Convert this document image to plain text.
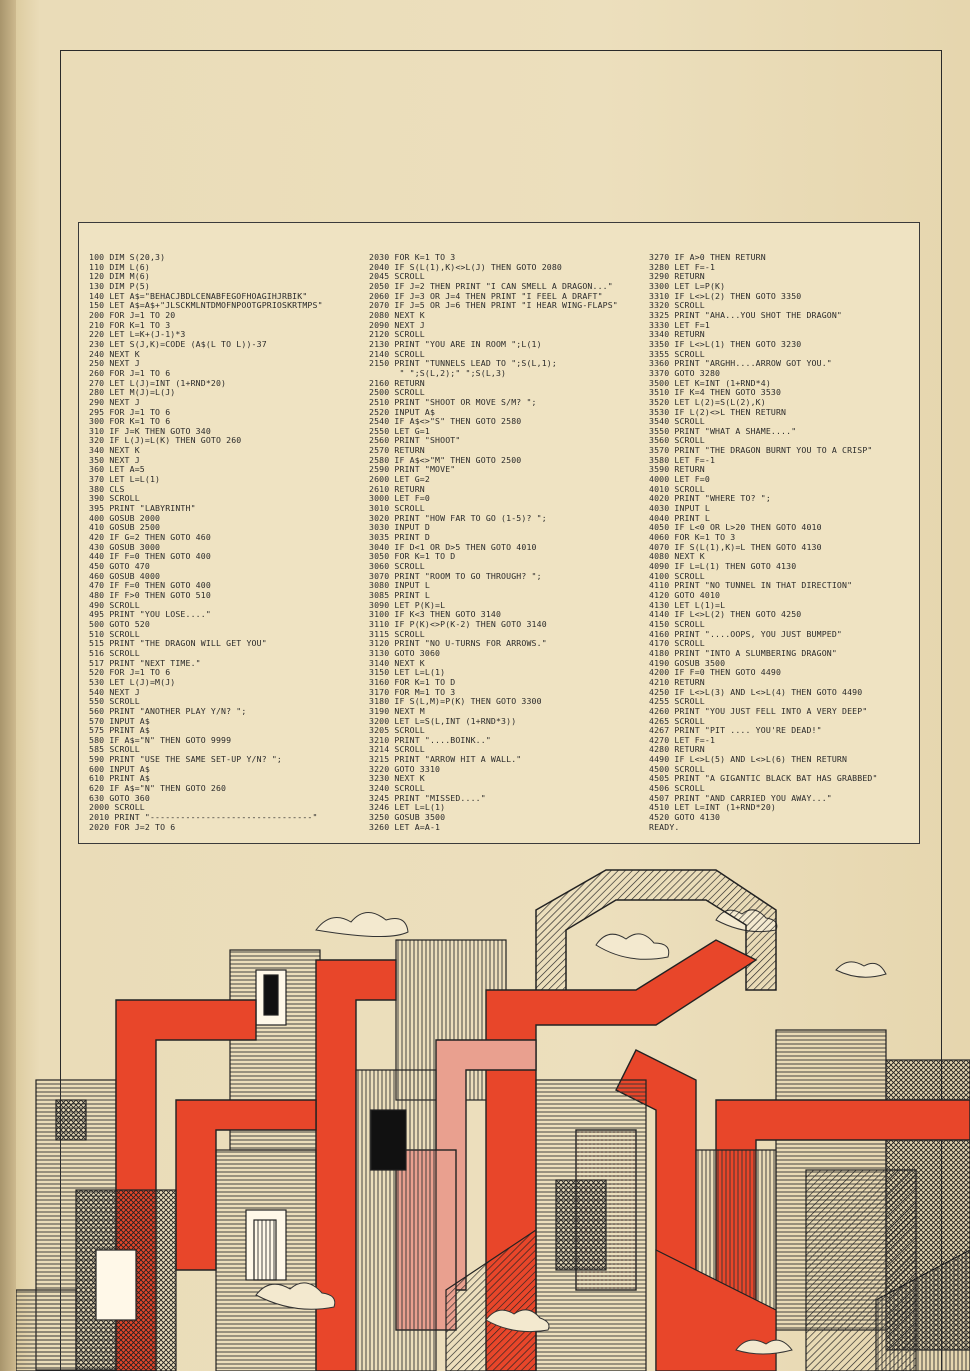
100 DIM S(20,3)
110 DIM L(6)
120 DIM M(6)
130 DIM P(5)
140 LET A$="BEHACJBDLCENABFEGOFHOAGIHJRBIK"
150 LET A$=A$+"JLSCKMLNTDMOFNPOOTGPRIOSKRTMPS"
200 FOR J=1 TO 20
210 FOR K=1 TO 3
220 LET L=K+(J-1)*3
230 LET S(J,K)=CODE (A$(L TO L))-37
240 NEXT K
250 NEXT J
260 FOR J=1 TO 6
270 LET L(J)=INT (1+RND*20)
280 LET M(J)=L(J)
290 NEXT J
295 FOR J=1 TO 6
300 FOR K=1 TO 6
310 IF J=K THEN GOTO 340
320 IF L(J)=L(K) THEN GOTO 260
340 NEXT K
350 NEXT J
360 LET A=5
370 LET L=L(1)
380 CLS
390 SCROLL
395 PRINT "LABYRINTH"
400 GOSUB 2000
410 GOSUB 2500
420 IF G=2 THEN GOTO 460
430 GOSUB 3000
440 IF F=0 THEN GOTO 400
450 GOTO 470
460 GOSUB 4000
470 IF F=0 THEN GOTO 400
480 IF F>0 THEN GOTO 510
490 SCROLL
495 PRINT "YOU LOSE...."
500 GOTO 520
510 SCROLL
515 PRINT "THE DRAGON WILL GET YOU"
516 SCROLL
517 PRINT "NEXT TIME."
520 FOR J=1 TO 6
530 LET L(J)=M(J)
540 NEXT J
550 SCROLL
560 PRINT "ANOTHER PLAY Y/N? ";
570 INPUT A$
575 PRINT A$
580 IF A$="N" THEN GOTO 9999
585 SCROLL
590 PRINT "USE THE SAME SET-UP Y/N? ";
600 INPUT A$
610 PRINT A$
620 IF A$="N" THEN GOTO 260
630 GOTO 360
2000 SCROLL
2010 PRINT "--------------------------------"
2020 FOR J=2 TO 6
2030 FOR K=1 TO 3
2040 IF S(L(1),K)<>L(J) THEN GOTO 2080
2045 SCROLL
2050 IF J=2 THEN PRINT "I CAN SMELL A DRAGON..."
2060 IF J=3 OR J=4 THEN PRINT "I FEEL A DRAFT"
2070 IF J=5 OR J=6 THEN PRINT "I HEAR WING-FLAPS"
2080 NEXT K
2090 NEXT J
2120 SCROLL
2130 PRINT "YOU ARE IN ROOM ";L(1)
2140 SCROLL
2150 PRINT "TUNNELS LEAD TO ";S(L,1);
" ";S(L,2);" ";S(L,3)
2160 RETURN
2500 SCROLL
2510 PRINT "SHOOT OR MOVE S/M? ";
2520 INPUT A$
2540 IF A$<>"S" THEN GOTO 2580
2550 LET G=1
2560 PRINT "SHOOT"
2570 RETURN
2580 IF A$<>"M" THEN GOTO 2500
2590 PRINT "MOVE"
2600 LET G=2
2610 RETURN
3000 LET F=0
3010 SCROLL
3020 PRINT "HOW FAR TO GO (1-5)? ";
3030 INPUT D
3035 PRINT D
3040 IF D<1 OR D>5 THEN GOTO 4010
3050 FOR K=1 TO D
3060 SCROLL
3070 PRINT "ROOM TO GO THROUGH? ";
3080 INPUT L
3085 PRINT L
3090 LET P(K)=L
3100 IF K<3 THEN GOTO 3140
3110 IF P(K)<>P(K-2) THEN GOTO 3140
3115 SCROLL
3120 PRINT "NO U-TURNS FOR ARROWS."
3130 GOTO 3060
3140 NEXT K
3150 LET L=L(1)
3160 FOR K=1 TO D
3170 FOR M=1 TO 3
3180 IF S(L,M)=P(K) THEN GOTO 3300
3190 NEXT M
3200 LET L=S(L,INT (1+RND*3))
3205 SCROLL
3210 PRINT "....BOINK.."
3214 SCROLL
3215 PRINT "ARROW HIT A WALL."
3220 GOTO 3310
3230 NEXT K
3240 SCROLL
3245 PRINT "MISSED...."
3246 LET L=L(1)
3250 GOSUB 3500
3260 LET A=A-1
3270 IF A>0 THEN RETURN
3280 LET F=-1
3290 RETURN
3300 LET L=P(K)
3310 IF L<>L(2) THEN GOTO 3350
3320 SCROLL
3325 PRINT "AHA...YOU SHOT THE DRAGON"
3330 LET F=1
3340 RETURN
3350 IF L<>L(1) THEN GOTO 3230
3355 SCROLL
3360 PRINT "ARGHH....ARROW GOT YOU."
3370 GOTO 3280
3500 LET K=INT (1+RND*4)
3510 IF K=4 THEN GOTO 3530
3520 LET L(2)=S(L(2),K)
3530 IF L(2)<>L THEN RETURN
3540 SCROLL
3550 PRINT "WHAT A SHAME...."
3560 SCROLL
3570 PRINT "THE DRAGON BURNT YOU TO A CRISP"
3580 LET F=-1
3590 RETURN
4000 LET F=0
4010 SCROLL
4020 PRINT "WHERE TO? ";
4030 INPUT L
4040 PRINT L
4050 IF L<0 OR L>20 THEN GOTO 4010
4060 FOR K=1 TO 3
4070 IF S(L(1),K)=L THEN GOTO 4130
4080 NEXT K
4090 IF L=L(1) THEN GOTO 4130
4100 SCROLL
4110 PRINT "NO TUNNEL IN THAT DIRECTION"
4120 GOTO 4010
4130 LET L(1)=L
4140 IF L<>L(2) THEN GOTO 4250
4150 SCROLL
4160 PRINT "....OOPS, YOU JUST BUMPED"
4170 SCROLL
4180 PRINT "INTO A SLUMBERING DRAGON"
4190 GOSUB 3500
4200 IF F=0 THEN GOTO 4490
4210 RETURN
4250 IF L<>L(3) AND L<>L(4) THEN GOTO 4490
4255 SCROLL
4260 PRINT "YOU JUST FELL INTO A VERY DEEP"
4265 SCROLL
4267 PRINT "PIT .... YOU'RE DEAD!"
4270 LET F=-1
4280 RETURN
4490 IF L<>L(5) AND L<>L(6) THEN RETURN
4500 SCROLL
4505 PRINT "A GIGANTIC BLACK BAT HAS GRABBED"
4506 SCROLL
4507 PRINT "AND CARRIED YOU AWAY..."
4510 LET L=INT (1+RND*20)
4520 GOTO 4130
READY.
